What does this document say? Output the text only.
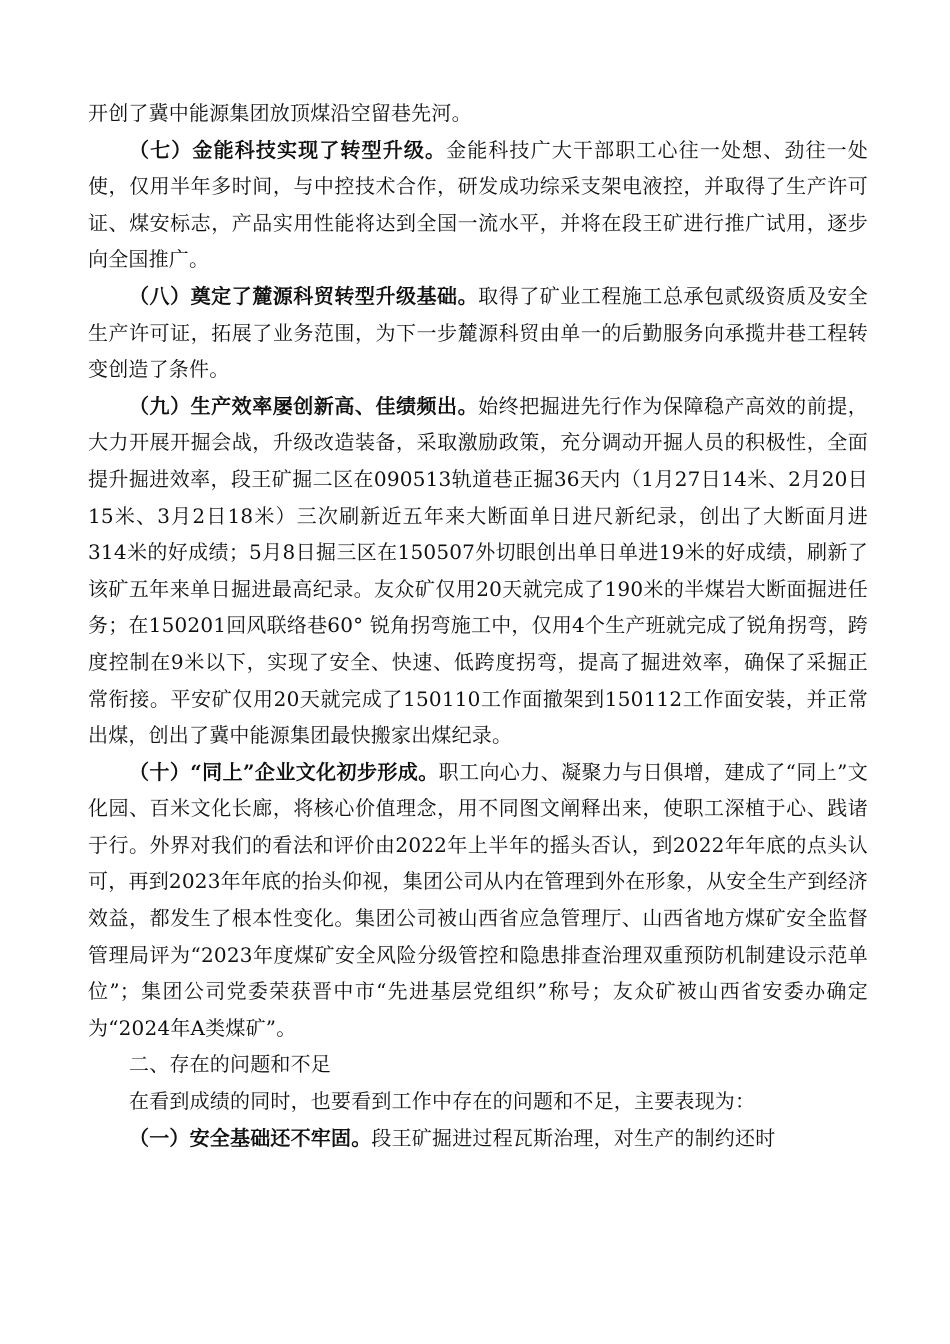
开创了冀中能源集团放顶煤沿空留巷先河。

（七）金能科技实现了转型升级。金能科技广大干部职工心往一处想、劲往一处使，仅用半年多时间，与中控技术合作，研发成功综采支架电液控，并取得了生产许可证、煤安标志，产品实用性能将达到全国一流水平，并将在段王矿进行推广试用，逐步向全国推广。

（八）奠定了麓源科贸转型升级基础。取得了矿业工程施工总承包贰级资质及安全生产许可证，拓展了业务范围，为下一步麓源科贸由单一的后勤服务向承揽井巷工程转变创造了条件。

（九）生产效率屡创新高、佳绩频出。始终把掘进先行作为保障稳产高效的前提，大力开展开掘会战，升级改造装备，采取激励政策，充分调动开掘人员的积极性，全面提升掘进效率，段王矿掘二区在090513轨道巷正掘36天内（1月27日14米、2月20日15米、3月2日18米）三次刷新近五年来大断面单日进尺新纪录，创出了大断面月进314米的好成绩；5月8日掘三区在150507外切眼创出单日单进19米的好成绩，刷新了该矿五年来单日掘进最高纪录。友众矿仅用20天就完成了190米的半煤岩大断面掘进任务；在150201回风联络巷60° 锐角拐弯施工中，仅用4个生产班就完成了锐角拐弯，跨度控制在9米以下，实现了安全、快速、低跨度拐弯，提高了掘进效率，确保了采掘正常衔接。平安矿仅用20天就完成了150110工作面撤架到150112工作面安装，并正常出煤，创出了冀中能源集团最快搬家出煤纪录。

（十）“同上”企业文化初步形成。职工向心力、凝聚力与日俱增，建成了“同上”文化园、百米文化长廊，将核心价值理念，用不同图文阐释出来，使职工深植于心、践诸于行。外界对我们的看法和评价由2022年上半年的摇头否认，到2022年年底的点头认可，再到2023年年底的抬头仰视，集团公司从内在管理到外在形象，从安全生产到经济效益，都发生了根本性变化。集团公司被山西省应急管理厅、山西省地方煤矿安全监督管理局评为“2023年度煤矿安全风险分级管控和隐患排查治理双重预防机制建设示范单位”；集团公司党委荣获晋中市“先进基层党组织”称号；友众矿被山西省安委办确定为“2024年A类煤矿”。

二、存在的问题和不足

在看到成绩的同时，也要看到工作中存在的问题和不足，主要表现为：

（一）安全基础还不牢固。段王矿掘进过程瓦斯治理，对生产的制约还时
